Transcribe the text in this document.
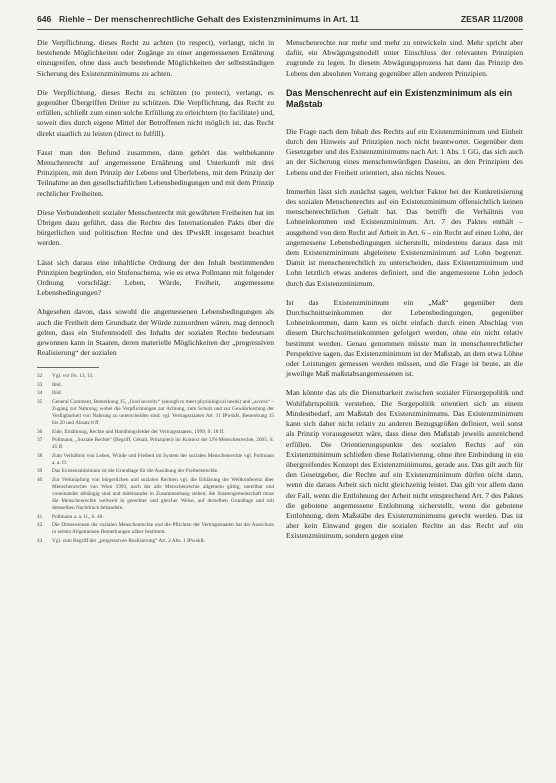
646 Riehle – Der menschenrechtliche Gehalt des Existenzminimums in Art. 11	ZESAR 11/2008

Die Verpflichtung, dieses Recht zu achten (to respect), verlangt, nicht in bestehende Möglichkeiten oder Zugänge zu einer angemessenen Ernährung einzugreifen, ohne dass auch bestehende Möglichkeiten der selbstständigen Sicherung des Existenzminimums zu achten.

Die Verpflichtung, dieses Recht zu schützen (to protect), verlangt, es gegenüber Übergriffen Dritter zu schützen. Die Verpflichtung, das Recht zu erfüllen, schließt zum einen solche Erfüllung zu erleichtern (to facilitate) und, soweit dies durch eigene Mittel der Betroffenen nicht möglich ist, das Recht direkt staatlich zu leisten (direct to fulfill).

Fasst man den Befund zusammen, dann gehört das weltbekannte Menschenrecht auf angemessene Ernährung und Unterkunft mit drei Prinzipien, mit dem Prinzip der Lebens und Überlebens, mit dem Prinzip der Teilnahme an den gesellschaftlichen Lebensbedingungen und mit dem Prinzip rechtlicher Freiheiten.

Diese Verbundenheit sozialer Menschenrecht mit gewährten Freiheiten hat im Übrigen dazu geführt, dass die Rechte des Internationalen Pakts über die bürgerlichen und politischen Rechte und des IPwskR insgesamt beachtet werden.

Lässt sich daraus eine inhaltliche Ordnung der den Inhalt bestimmenden Prinzipien begründen, ein Stufenschema, wie es etwa Pollmann mit folgender Ordnung vorschlägt: Leben, Würde, Freiheit, angemessene Lebensbedingungen?

Abgesehen davon, dass sowohl die angemessenen Lebensbedingungen als auch die Freiheit dem Grundsatz der Würde zuzuordnen wären, mag dennoch gelten, dass ein Stufenmodell des Inhalts der sozialen Rechte bedeutsam gewonnen kann in Staaten, deren materielle Möglichkeiten der „progressiven Realisierung“ der sozialen

32	Vgl. vor Fn. 13, 15.
33	Ibid.
34	Ibid.
35	General Comment, Bemerkung 15, „food security“ (enough to meet physiological needs) und „access“ – Zugang zur Nahrung, wobei die Verpflichtungen zur Achtung, zum Schutz und zur Gewährleistung der Verfügbarkeit von Nahrung zu unterscheiden sind; vgl. Vertragsstaaten Art. 11 IPwskR, Bemerkung 15 bis 20 und Absatz 8 ff.
36	Eide, Ernährung, Rechte und Handlungsfelder der Vertragsstaaten, 1999, S. 18 ff.
37	Pollmann, „Soziale Rechte“ (Begriff, Gehalt, Prinzipien) im Kontext der UN-Menschenrechte, 2005, S. 45 ff.
38	Zum Verhältnis von Leben, Würde und Freiheit im System der sozialen Menschenrechte vgl. Pollmann a. a. O.
39	Das Existenzminimum ist die Grundlage für die Ausübung der Freiheitsrechte.
40	Zur Verknüpfung von bürgerlichen und sozialen Rechten vgl. die Erklärung der Weltkonferenz über Menschenrechte von Wien 1993, nach der alle Menschenrechte allgemein gültig, unteilbar und voneinander abhängig sind und miteinander in Zusammenhang stehen; die Staatengemeinschaft muss die Menschenrechte weltweit in gerechter und gleicher Weise, auf derselben Grundlage und mit demselben Nachdruck behandeln.
41	Pollmann a. a. O., S. 46.
42	Die Dimensionen der sozialen Menschenrechte und die Pflichten der Vertragsstaaten hat der Ausschuss in seinen Allgemeinen Bemerkungen näher bestimmt.
43	Vgl. zum Begriff der „progressiven Realisierung“ Art. 2 Abs. 1 IPwskR.

Menschenrechte nur mehr und mehr zu entwickeln sind. Mehr spricht aber dafür, ein Abwägungsmodell unter Einschluss der relevanten Prinzipien zugrunde zu legen. In diesem Abwägungsprozess hat dann das Prinzip des Lebens den absoluten Vorrang gegenüber allen anderen Prinzipien.

Das Menschenrecht auf ein Existenzminimum als ein Maßstab

Die Frage nach dem Inhalt des Rechts auf ein Existenzminimum und Einheit durch den Hinweis auf Prinzipien noch nicht beantwortet. Gegenüber dem Gesetzgeber und des Existenzminimums nach Art. 1 Abs. 1 GG, das sich auch an der Sicherung eines menschenwürdigen Daseins, an den Prinzipien des Lebens und der Freiheit orientiert, also nichts Neues.

Immerhin lässt sich zunächst sagen, welcher Faktor bei der Konkretisierung des sozialen Menschenrechts auf ein Existenzminimum offensichtlich keinen menschenrechtlichen Gehalt hat. Das betrifft die Verhältnis von Lohneinkommen und Existenzminimum. Art. 7 des Paktes enthält – ausgehend von dem Recht auf Arbeit in Art. 6 – ein Recht auf einen Lohn, der angemessene Lebensbedingungen sicherstellt, mindestens daraus dass mit dem Existenzminimum abgeleitete Existenzminimum auf Lohn begrenzt. Damit ist menschenrechtlich zu unterscheiden, dass Existenzminimum und Lohn letztlich etwas anderes definiert, und die angemessene Lohn jedoch durch das Existenzminimum.

Ist das Existenzminimum ein „Maß“ gegenüber dem Durchschnittseinkommen der Lebensbedingungen, gegenüber Lohneinkommen, dann kann es nicht einfach durch einen Abschlag von diesem Durchschnittseinkommen gefolgert werden, ohne ein nicht relativ bestimmt werden. Genau genommen müsste man in menschenrechtlicher Perspektive sagen, das Existenzminimum ist der Maßstab, an dem etwa Löhne oder Leistungen gemessen werden müssen, und die Frage ist heute, an die jeweilige Maß maßstabsangemessenen ist.

Man könnte das als die Dienstbarkeit zwischen sozialer Fürsorgepolitik und Wohlfahrtspolitik verstehen. Die Sorgepolitik orientiert sich an einem Mindestbedarf, am Maßstab des Existenzminimums. Das Existenzminimum kann sich daher nicht relativ zu anderen Bezugsgrößen definiert, weil sonst als Prinzip vorausgesetzt wäre, dass diese den Maßstab jeweils ausreichend erfüllen. Die Orientierungspunkte des sozialen Rechts auf ein Existenzminimum schließen diese Relativierung, ohne ihre Einbindung in ein übergreifendes Konzept des Existenzminimums, gerade aus. Das gilt auch für den Gesetzgeber, die Rechte auf ein Existenzminimum dürfen nicht dann, wenn die daraus Arbeit sich nicht gleichzeitig leistet. Das gilt vor allem dann der Fall, wenn die Entlohnung der Arbeit nicht entsprechend Art. 7 des Paktes die gebotene angemessene Entlohnung sicherstellt, wenn die gebotene Entlohnung, dem Maßstäbe des Existenzminimums gerecht werden. Das ist aber kein Einwand gegen die sozialen Rechte an das Recht auf ein Existenzminimum, sondern gegen eine
